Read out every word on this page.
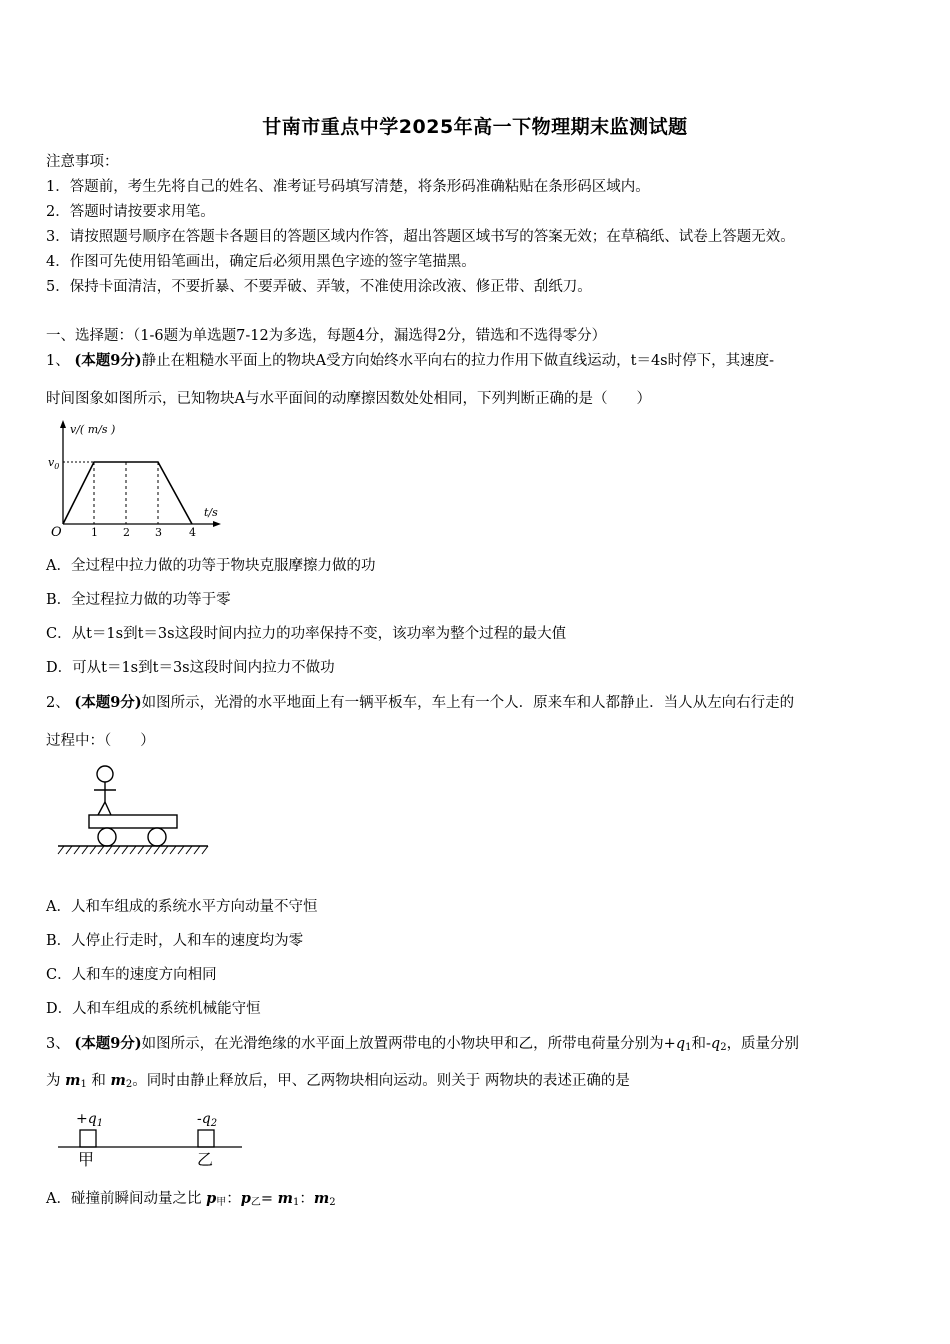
甘南市重点中学2025年高一下物理期末监测试题
注意事项：
1．答题前，考生先将自己的姓名、准考证号码填写清楚，将条形码准确粘贴在条形码区域内。
2．答题时请按要求用笔。
3．请按照题号顺序在答题卡各题目的答题区域内作答，超出答题区域书写的答案无效；在草稿纸、试卷上答题无效。
4．作图可先使用铅笔画出，确定后必须用黑色字迹的签字笔描黑。
5．保持卡面清洁，不要折暴、不要弄破、弄皱，不准使用涂改液、修正带、刮纸刀。
一、选择题：（1-6题为单选题7-12为多选，每题4分，漏选得2分，错选和不选得零分）
1、 (本题9分)静止在粗糙水平面上的物块A受方向始终水平向右的拉力作用下做直线运动，t＝4s时停下，其速度-
时间图象如图所示，已知物块A与水平面间的动摩擦因数处处相同，下列判断正确的是（　　）
v/( m/s )
$v_0$
t/s
O	1 2 3 4
A．全过程中拉力做的功等于物块克服摩擦力做的功
B．全过程拉力做的功等于零
C．从t＝1s到t＝3s这段时间内拉力的功率保持不变，该功率为整个过程的最大值
D．可从t＝1s到t＝3s这段时间内拉力不做功
2、 (本题9分)如图所示，光滑的水平地面上有一辆平板车，车上有一个人．原来车和人都静止．当人从左向右行走的
过程中：（　　）
A．人和车组成的系统水平方向动量不守恒
B．人停止行走时，人和车的速度均为零
C．人和车的速度方向相同
D．人和车组成的系统机械能守恒
3、 (本题9分)如图所示，在光滑绝缘的水平面上放置两带电的小物块甲和乙，所带电荷量分别为$+q_1$和$-q_2$，质量分别
为 $m_1$ 和 $m_2$。同时由静止释放后，甲、乙两物块相向运动。则关于 两物块的表述正确的是
$+q_1$	$-q_2$
甲	乙
A．碰撞前瞬间动量之比 $p_甲$：$p_乙= m_1$：$m_2$
